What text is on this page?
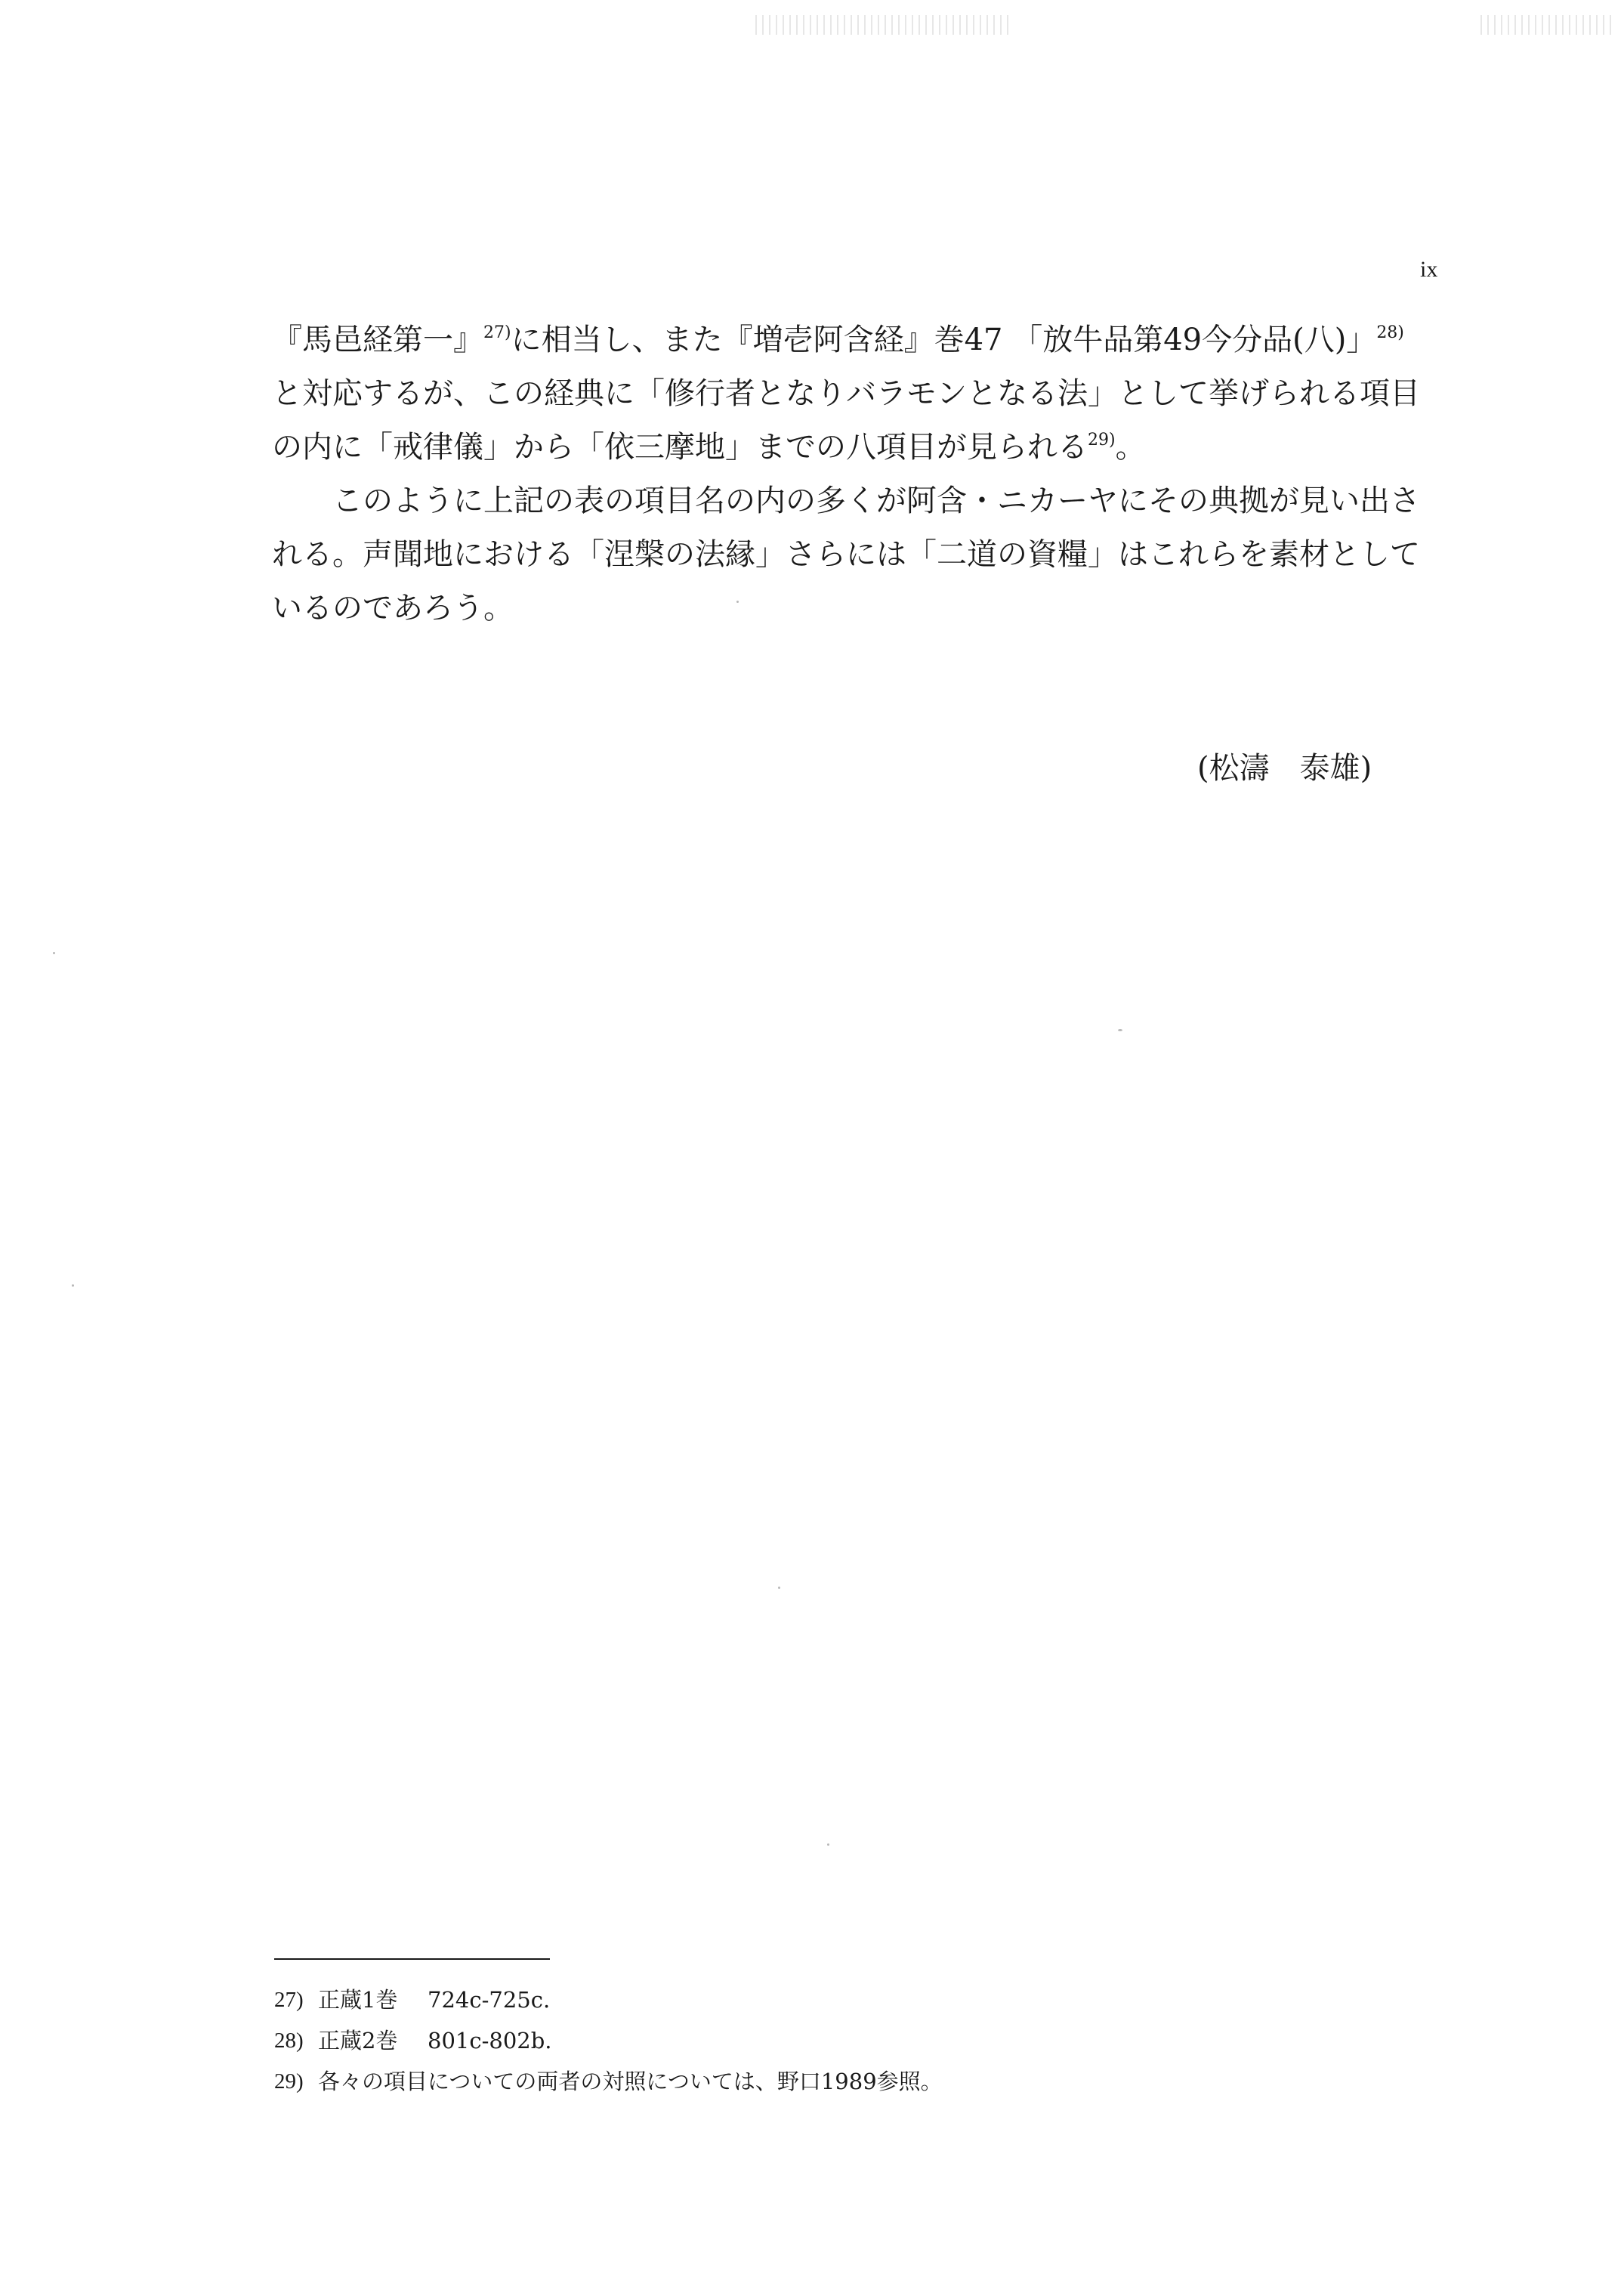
ix

『馬邑経第一』$^{27)}$に相当し、また『増壱阿含経』巻47 「放牛品第49今分品(八)」$^{28)}$と対応するが、この経典に「修行者となりバラモンとなる法」として挙げられる項目の内に「戒律儀」から「依三摩地」までの八項目が見られる$^{29)}$。

このように上記の表の項目名の内の多くが阿含・ニカーヤにその典拠が見い出される。声聞地における「涅槃の法縁」さらには「二道の資糧」はこれらを素材としているのであろう。

(松濤　泰雄)
27) 正蔵1巻	724c-725c.
28) 正蔵2巻	801c-802b.
29) 各々の項目についての両者の対照については、野口1989参照。
